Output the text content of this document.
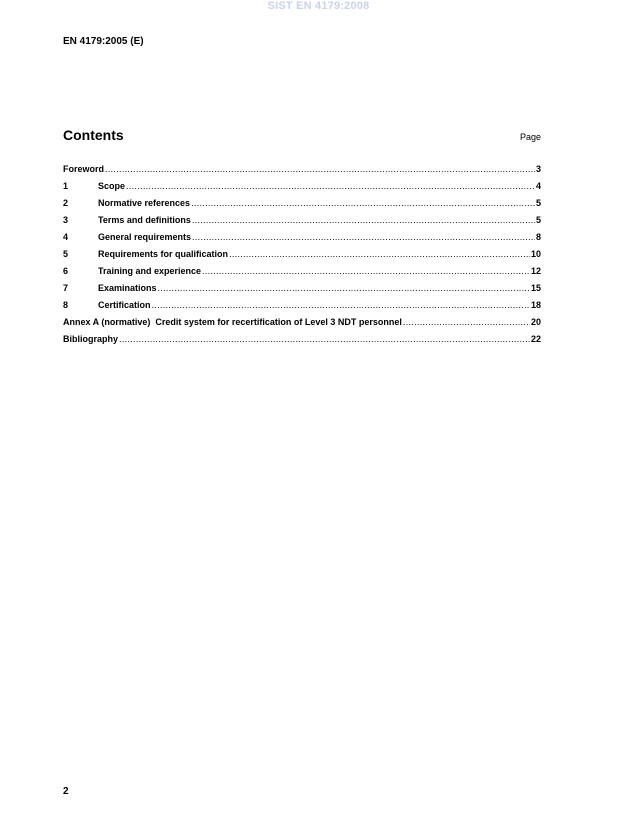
SIST EN 4179:2008
EN 4179:2005 (E)
Contents	Page
Foreword .....	3
1	Scope .....	4
2	Normative references .....	5
3	Terms and definitions .....	5
4	General requirements .....	8
5	Requirements for qualification .....	10
6	Training and experience .....	12
7	Examinations .....	15
8	Certification .....	18
Annex A (normative)  Credit system for recertification of Level 3 NDT personnel .....	20
Bibliography .....	22
2
